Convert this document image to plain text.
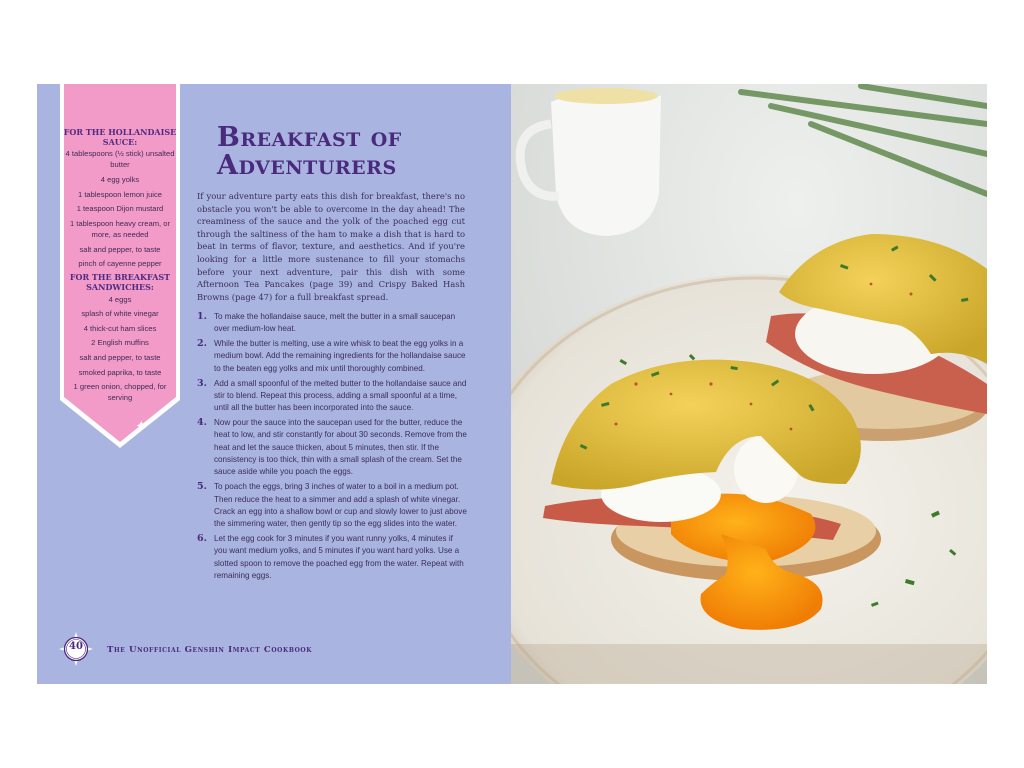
✦
FOR THE HOLLANDAISE SAUCE:
4 tablespoons (½ stick) unsalted butter
4 egg yolks
1 tablespoon lemon juice
1 teaspoon Dijon mustard
1 tablespoon heavy cream, or more, as needed
salt and pepper, to taste
pinch of cayenne pepper
FOR THE BREAKFAST SANDWICHES:
4 eggs
splash of white vinegar
4 thick-cut ham slices
2 English muffins
salt and pepper, to taste
smoked paprika, to taste
1 green onion, chopped, for serving
Breakfast of
Adventurers

If your adventure party eats this dish for breakfast, there's no obstacle you won't be able to overcome in the day ahead! The creaminess of the sauce and the yolk of the poached egg cut through the saltiness of the ham to make a dish that is hard to beat in terms of flavor, texture, and aesthetics. And if you're looking for a little more sustenance to fill your stomachs before your next adventure, pair this dish with some Afternoon Tea Pancakes (page 39) and Crispy Baked Hash Browns (page 47) for a full breakfast spread.

1. To make the hollandaise sauce, melt the butter in a small saucepan over medium-low heat.
2. While the butter is melting, use a wire whisk to beat the egg yolks in a medium bowl. Add the remaining ingredients for the hollandaise sauce to the beaten egg yolks and mix until thoroughly combined.
3. Add a small spoonful of the melted butter to the hollandaise sauce and stir to blend. Repeat this process, adding a small spoonful at a time, until all the butter has been incorporated into the sauce.
4. Now pour the sauce into the saucepan used for the butter, reduce the heat to low, and stir constantly for about 30 seconds. Remove from the heat and let the sauce thicken, about 5 minutes, then stir. If the consistency is too thick, thin with a small splash of the cream. Set the sauce aside while you poach the eggs.
5. To poach the eggs, bring 3 inches of water to a boil in a medium pot. Then reduce the heat to a simmer and add a splash of white vinegar. Crack an egg into a shallow bowl or cup and slowly lower to just above the simmering water, then gently tip so the egg slides into the water.
6. Let the egg cook for 3 minutes if you want runny yolks, 4 minutes if you want medium yolks, and 5 minutes if you want hard yolks. Use a slotted spoon to remove the poached egg from the water. Repeat with remaining eggs.
40	The Unofficial Genshin Impact Cookbook
